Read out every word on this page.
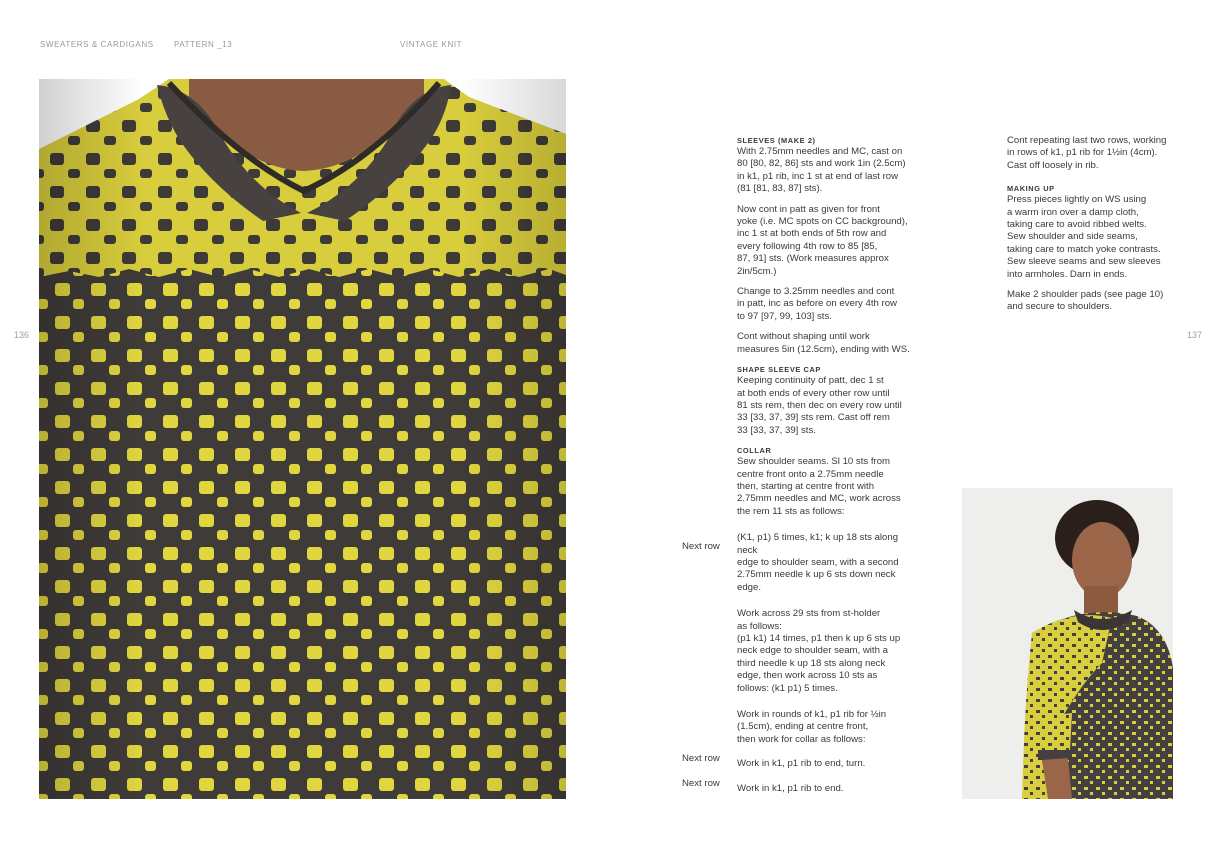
SWEATERS & CARDIGANS	PATTERN _13	VINTAGE KNIT
136	137
SLEEVES (MAKE 2)

With 2.75mm needles and MC, cast on
80 [80, 82, 86] sts and work 1in (2.5cm)
in k1, p1 rib, inc 1 st at end of last row
(81 [81, 83, 87] sts).

Now cont in patt as given for front
yoke (i.e. MC spots on CC background),
inc 1 st at both ends of 5th row and
every following 4th row to 85 [85,
87, 91] sts. (Work measures approx
2in/5cm.)

Change to 3.25mm needles and cont
in patt, inc as before on every 4th row
to 97 [97, 99, 103] sts.

Cont without shaping until work
measures 5in (12.5cm), ending with WS.

SHAPE SLEEVE CAP

Keeping continuity of patt, dec 1 st
at both ends of every other row until
81 sts rem, then dec on every row until
33 [33, 37, 39] sts rem. Cast off rem
33 [33, 37, 39] sts.

COLLAR

Sew shoulder seams. Sl 10 sts from
centre front onto a 2.75mm needle
then, starting at centre front with
2.75mm needles and MC, work across
the rem 11 sts as follows:

(K1, p1) 5 times, k1; k up 18 sts along neck
edge to shoulder seam, with a second
2.75mm needle k up 6 sts down neck
edge.

Work across 29 sts from st-holder
as follows:
(p1 k1) 14 times, p1 then k up 6 sts up
neck edge to shoulder seam, with a
third needle k up 18 sts along neck
edge, then work across 10 sts as
follows: (k1 p1) 5 times.

Work in rounds of k1, p1 rib for ½in
(1.5cm), ending at centre front,
then work for collar as follows:

Work in k1, p1 rib to end, turn.

Work in k1, p1 rib to end.

Next row
Next row
Next row

Cont repeating last two rows, working
in rows of k1, p1 rib for 1½in (4cm).
Cast off loosely in rib.

MAKING UP

Press pieces lightly on WS using
a warm iron over a damp cloth,
taking care to avoid ribbed welts.
Sew shoulder and side seams,
taking care to match yoke contrasts.
Sew sleeve seams and sew sleeves
into armholes. Darn in ends.

Make 2 shoulder pads (see page 10)
and secure to shoulders.
